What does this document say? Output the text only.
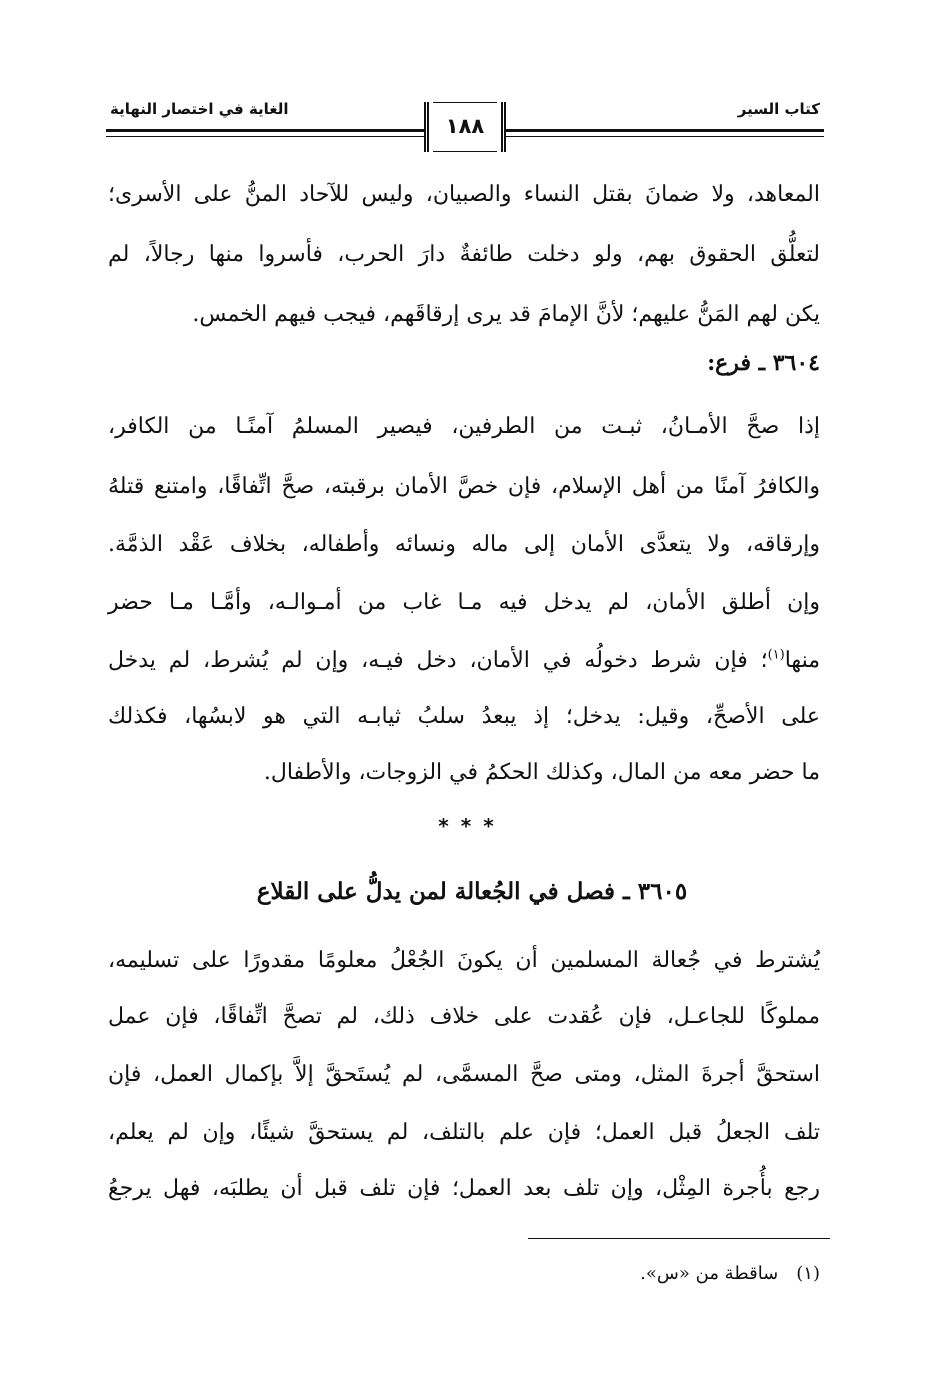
كتاب السير
الغاية في اختصار النهاية
١٨٨
المعاهد، ولا ضمانَ بقتل النساء والصبيان، وليس للآحاد المنُّ على الأسرى؛
لتعلُّق الحقوق بهم، ولو دخلت طائفةٌ دارَ الحرب، فأسروا منها رجالاً، لم
يكن لهم المَنُّ عليهم؛ لأنَّ الإمامَ قد يرى إرقاقَهم، فيجب فيهم الخمس.
٣٦٠٤ ـ فرع:
إذا صحَّ الأمـانُ، ثبـت من الطرفين، فيصير المسلمُ آمنًـا من الكافر،
والكافرُ آمنًا من أهل الإسلام، فإن خصَّ الأمان برقبته، صحَّ اتِّفاقًا، وامتنع قتلهُ
وإرقاقه، ولا يتعدَّى الأمان إلى ماله ونسائه وأطفاله، بخلاف عَقْد الذمَّة.
وإن أطلق الأمان، لم يدخل فيه مـا غاب من أمـوالـه، وأمَّـا مـا حضر
منها$^{(١)}$؛ فإن شرط دخولُه في الأمان، دخل فيـه، وإن لم يُشرط، لم يدخل
على الأصحِّ، وقيل: يدخل؛ إذ يبعدُ سلبُ ثيابـه التي هو لابسُها، فكذلك
ما حضر معه من المال، وكذلك الحكمُ في الزوجات، والأطفال.
***
٣٦٠٥ ـ فصل في الجُعالة لمن يدلُّ على القلاع
يُشترط في جُعالة المسلمين أن يكونَ الجُعْلُ معلومًا مقدورًا على تسليمه،
مملوكًا للجاعـل، فإن عُقدت على خلاف ذلك، لم تصحَّ اتِّفاقًا، فإن عمل
استحقَّ أجرةَ المثل، ومتى صحَّ المسمَّى، لم يُستَحقَّ إلاَّ بإكمال العمل، فإن
تلف الجعلُ قبل العمل؛ فإن علم بالتلف، لم يستحقَّ شيئًا، وإن لم يعلم،
رجع بأُجرة المِثْل، وإن تلف بعد العمل؛ فإن تلف قبل أن يطلبَه، فهل يرجعُ
(١)ساقطة من «س».
